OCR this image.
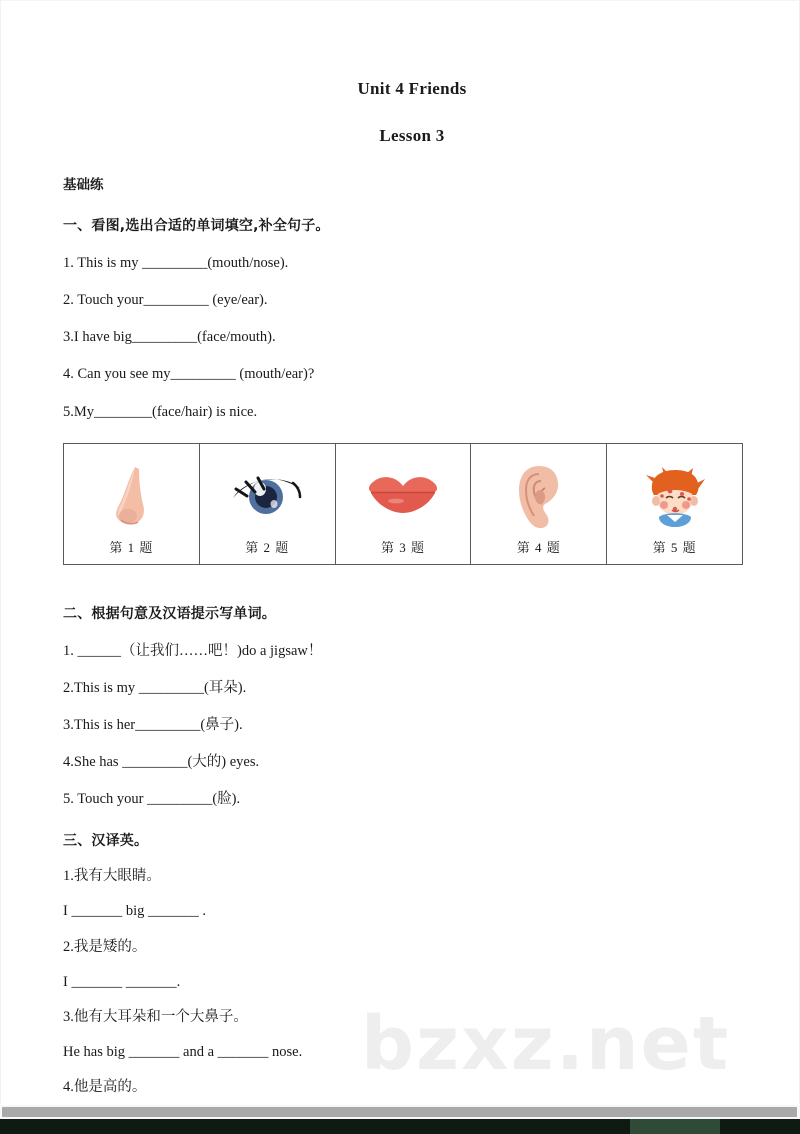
bzxz.net
Unit 4 Friends
Lesson 3
基础练
一、看图,选出合适的单词填空,补全句子。
1. This is my _________(mouth/nose).
2. Touch your_________ (eye/ear).
3.I have big_________(face/mouth).
4. Can you see my_________ (mouth/ear)?
5.My________(face/hair) is nice.
第 1 题	第 2 题	第 3 题	第 4 题	第 5 题
二、根据句意及汉语提示写单词。
1. ______（让我们……吧！)do a jigsaw！
2.This is my _________(耳朵).
3.This is her_________(鼻子).
4.She has _________(大的) eyes.
5. Touch your _________(脸).
三、汉译英。
1.我有大眼睛。
I _______ big _______ .
2.我是矮的。
I _______ _______.
3.他有大耳朵和一个大鼻子。
He has big _______ and a _______ nose.
4.他是高的。
